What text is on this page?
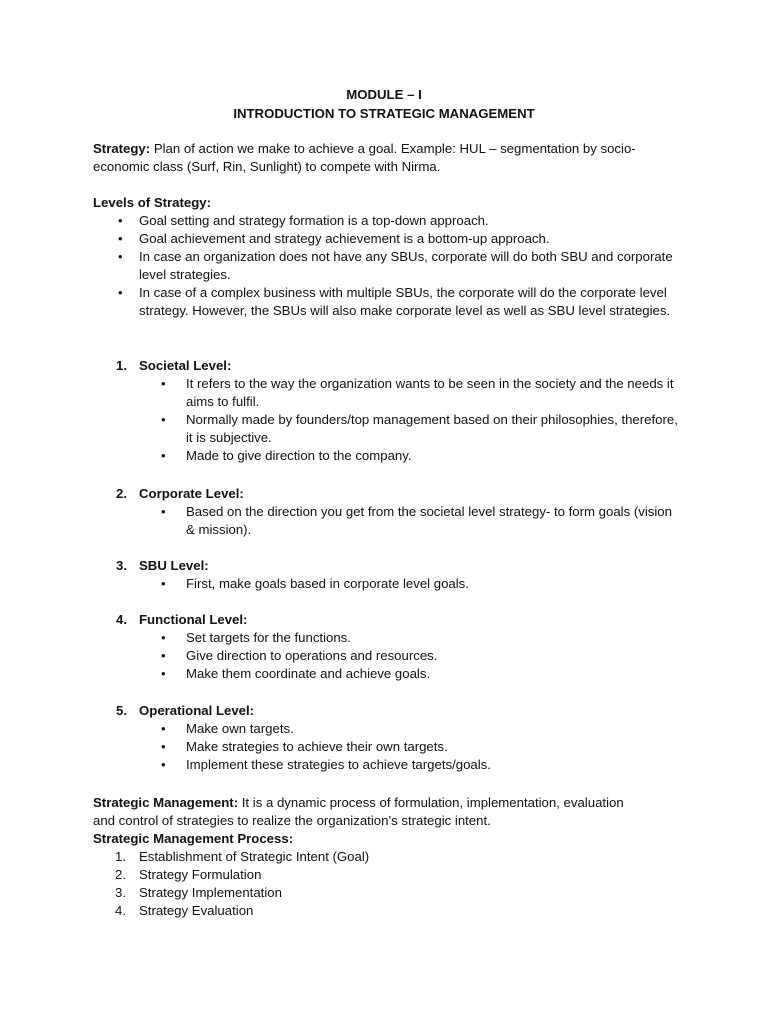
MODULE – I
INTRODUCTION TO STRATEGIC MANAGEMENT
Strategy: Plan of action we make to achieve a goal. Example: HUL – segmentation by socio-
economic class (Surf, Rin, Sunlight) to compete with Nirma.
Levels of Strategy:
• Goal setting and strategy formation is a top-down approach.
• Goal achievement and strategy achievement is a bottom-up approach.
• In case an organization does not have any SBUs, corporate will do both SBU and corporate level strategies.
• In case of a complex business with multiple SBUs, the corporate will do the corporate level strategy. However, the SBUs will also make corporate level as well as SBU level strategies.
1. Societal Level:
• It refers to the way the organization wants to be seen in the society and the needs it aims to fulfil.
• Normally made by founders/top management based on their philosophies, therefore, it is subjective.
• Made to give direction to the company.
2. Corporate Level:
• Based on the direction you get from the societal level strategy- to form goals (vision & mission).
3. SBU Level:
• First, make goals based in corporate level goals.
4. Functional Level:
• Set targets for the functions.
• Give direction to operations and resources.
• Make them coordinate and achieve goals.
5. Operational Level:
• Make own targets.
• Make strategies to achieve their own targets.
• Implement these strategies to achieve targets/goals.
Strategic Management: It is a dynamic process of formulation, implementation, evaluation
and control of strategies to realize the organization’s strategic intent.
Strategic Management Process:
1. Establishment of Strategic Intent (Goal)
2. Strategy Formulation
3. Strategy Implementation
4. Strategy Evaluation
